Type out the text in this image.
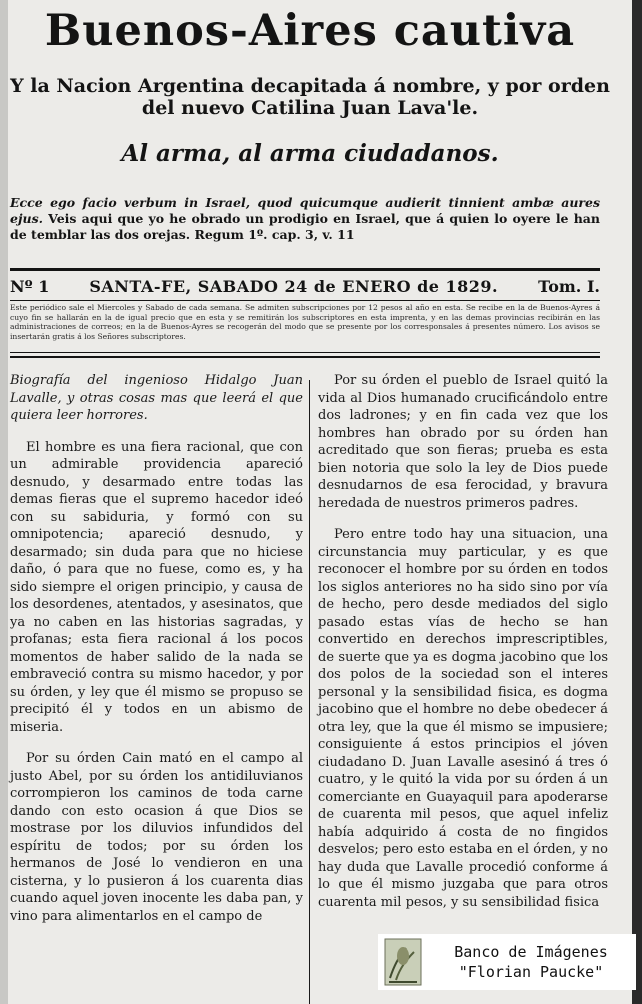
Buenos-Aires cautiva
Y la Nacion Argentina decapitada á nombre, y por orden
del nuevo Catilina Juan Lava'le.
Al arma, al arma ciudadanos.
Ecce ego facio verbum in Israel, quod quicumque audierit tinnient ambæ aures ejus. Veis aqui que yo he obrado un prodigio en Israel, que á quien lo oyere le han de temblar las dos orejas. Regum 1º. cap. 3, v. 11
Nº 1	SANTA-FE, SABADO 24 de ENERO de 1829.	Tom. I.
Este periódico sale el Miercoles y Sabado de cada semana. Se admiten subscripciones por 12 pesos al año en esta. Se recibe en la de Buenos-Ayres á cuyo fin se hallarán en la de igual precio que en esta y se remitirán los subscriptores en esta imprenta, y en las demas provincias recibirán en las administraciones de correos; en la de Buenos-Ayres se recogerán del modo que se presente por los corresponsales á presentes número. Los avisos se insertarán gratis á los Señores subscriptores.

Biografía del ingenioso Hidalgo Juan Lavalle, y otras cosas mas que leerá el que quiera leer horrores.

El hombre es una fiera racional, que con un admirable providencia apareció desnudo, y desarmado entre todas las demas fieras que el supremo hacedor ideó con su sabiduria, y formó con su omnipotencia; apareció desnudo, y desarmado; sin duda para que no hiciese daño, ó para que no fuese, como es, y ha sido siempre el origen principio, y causa de los desordenes, atentados, y asesinatos, que ya no caben en las historias sagradas, y profanas; esta fiera racional á los pocos momentos de haber salido de la nada se embraveció contra su mismo hacedor, y por su órden, y ley que él mismo se propuso se precipitó él y todos en un abismo de miseria.

Por su órden Cain mató en el campo al justo Abel, por su órden los antidiluvianos corrompieron los caminos de toda carne dando con esto ocasion á que Dios se mostrase por los diluvios infundidos del espíritu de todos; por su órden los hermanos de José lo vendieron en una cisterna, y lo pusieron á los cuarenta dias cuando aquel joven inocente les daba pan, y vino para alimentarlos en el campo de

Por su órden el pueblo de Israel quitó la vida al Dios humanado crucificándolo entre dos ladrones; y en fin cada vez que los hombres han obrado por su órden han acreditado que son fieras; prueba es esta bien notoria que solo la ley de Dios puede desnudarnos de esa ferocidad, y bravura heredada de nuestros primeros padres.

Pero entre todo hay una situacion, una circunstancia muy particular, y es que reconocer el hombre por su órden en todos los siglos anteriores no ha sido sino por vía de hecho, pero desde mediados del siglo pasado estas vías de hecho se han convertido en derechos imprescriptibles, de suerte que ya es dogma jacobino que los dos polos de la sociedad son el interes personal y la sensibilidad fisica, es dogma jacobino que el hombre no debe obedecer á otra ley, que la que él mismo se impusiere; consiguiente á estos principios el jóven ciudadano D. Juan Lavalle asesinó á tres ó cuatro, y le quitó la vida por su órden á un comerciante en Guayaquil para apoderarse de cuarenta mil pesos, que aquel infeliz había adquirido á costa de no fingidos desvelos; pero esto estaba en el órden, y no hay duda que Lavalle procedió conforme á lo que él mismo juzgaba que para otros cuarenta mil pesos, y su sensibilidad fisica

Banco de Imágenes
"Florian Paucke"
